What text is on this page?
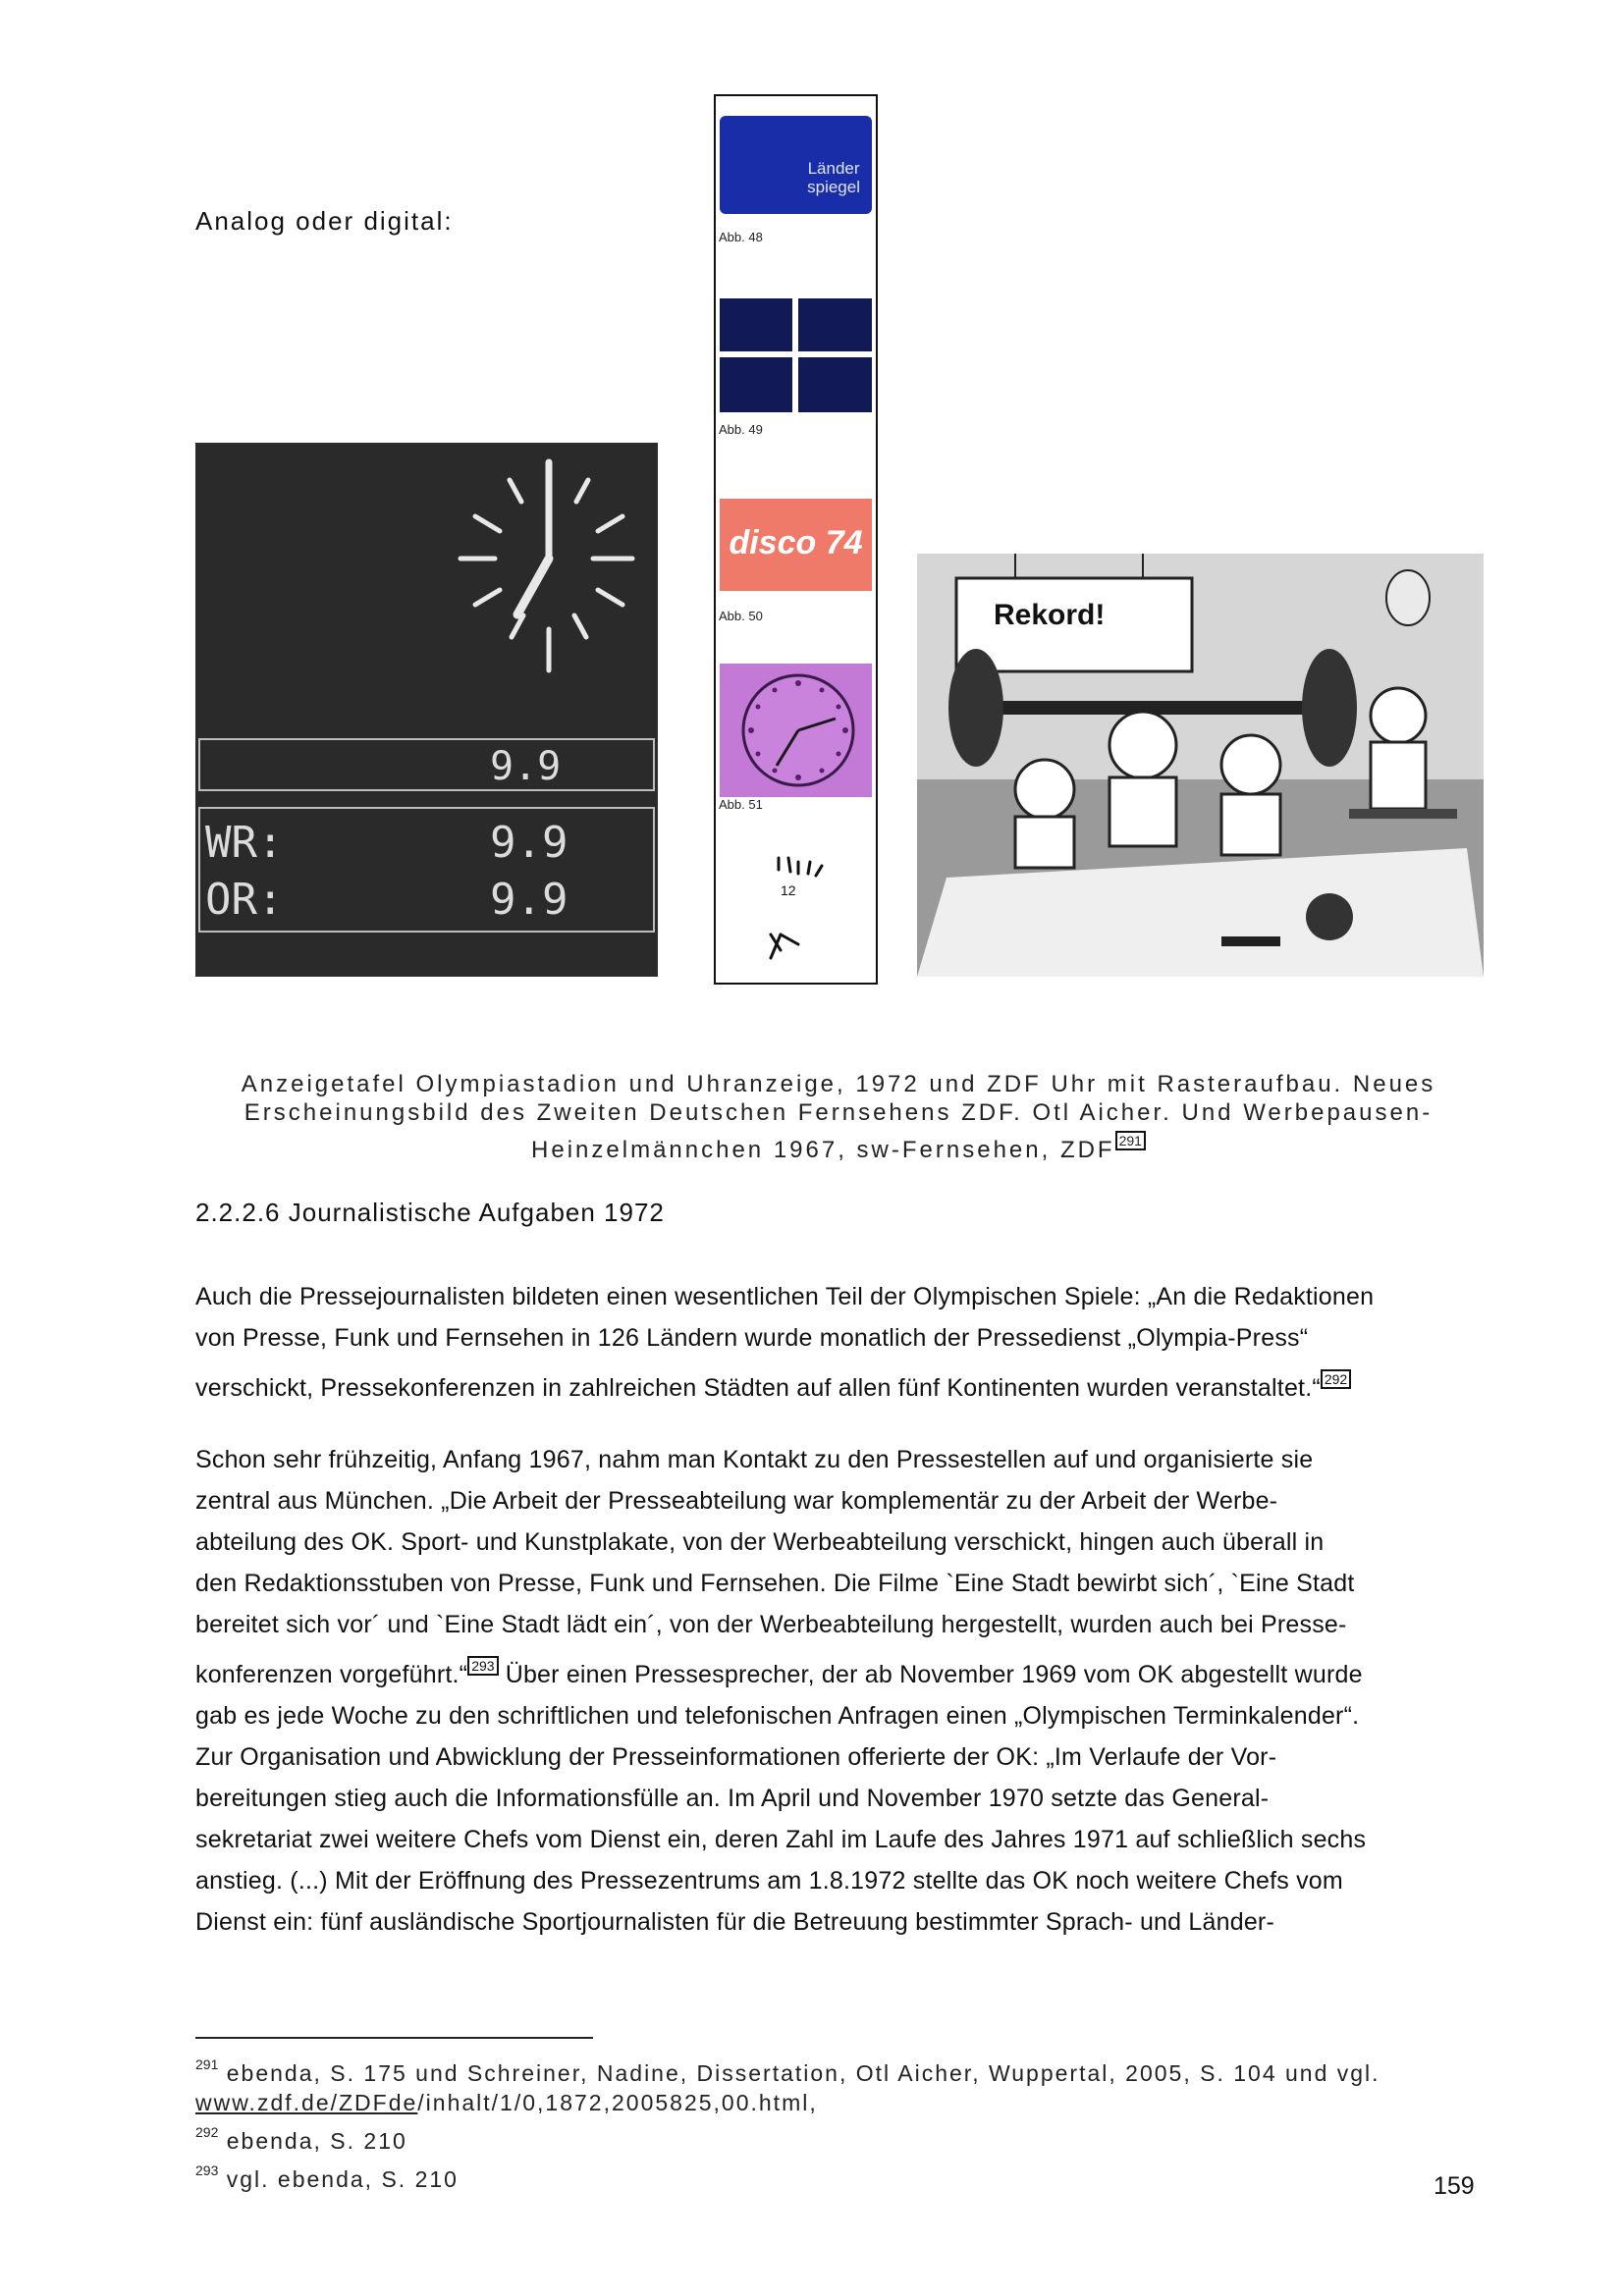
Analog oder digital:
9.9
WR:	9.9
OR:	9.9
Länder
spiegel
Abb. 48
Abb. 49
disco 74
Abb. 50
Abb. 51
12
Rekord!
Anzeigetafel Olympiastadion und Uhranzeige, 1972 und ZDF Uhr mit Rasteraufbau. Neues
Erscheinungsbild des Zweiten Deutschen Fernsehens ZDF. Otl Aicher. Und Werbepausen-
Heinzelmännchen 1967, sw-Fernsehen, ZDF $^{291}$
2.2.2.6 Journalistische Aufgaben 1972
Auch die Pressejournalisten bildeten einen wesentlichen Teil der Olympischen Spiele: „An die Redaktionen
von Presse, Funk und Fernsehen in 126 Ländern wurde monatlich der Pressedienst „Olympia-Press“
verschickt, Pressekonferenzen in zahlreichen Städten auf allen fünf Kontinenten wurden veranstaltet.“ $^{292}$
Schon sehr frühzeitig, Anfang 1967, nahm man Kontakt zu den Pressestellen auf und organisierte sie
zentral aus München. „Die Arbeit der Presseabteilung war komplementär zu der Arbeit der Werbe-
abteilung des OK. Sport- und Kunstplakate, von der Werbeabteilung verschickt, hingen auch überall in
den Redaktionsstuben von Presse, Funk und Fernsehen. Die Filme `Eine Stadt bewirbt sich´, `Eine Stadt
bereitet sich vor´ und `Eine Stadt lädt ein´, von der Werbeabteilung hergestellt, wurden auch bei Presse-
konferenzen vorgeführt.“ $^{293}$ Über einen Pressesprecher, der ab November 1969 vom OK abgestellt wurde
gab es jede Woche zu den schriftlichen und telefonischen Anfragen einen „Olympischen Terminkalender“.
Zur Organisation und Abwicklung der Presseinformationen offerierte der OK: „Im Verlaufe der Vor-
bereitungen stieg auch die Informationsfülle an. Im April und November 1970 setzte das General-
sekretariat zwei weitere Chefs vom Dienst ein, deren Zahl im Laufe des Jahres 1971 auf schließlich sechs
anstieg. (...) Mit der Eröffnung des Pressezentrums am 1.8.1972 stellte das OK noch weitere Chefs vom
Dienst ein: fünf ausländische Sportjournalisten für die Betreuung bestimmter Sprach- und Länder-
$^{291}$ ebenda, S. 175 und Schreiner, Nadine, Dissertation, Otl Aicher, Wuppertal, 2005, S. 104 und vgl.
www.zdf.de/ZDFde/inhalt/1/0,1872,2005825,00.html,
$^{292}$ ebenda, S. 210
$^{293}$ vgl. ebenda, S. 210	159
